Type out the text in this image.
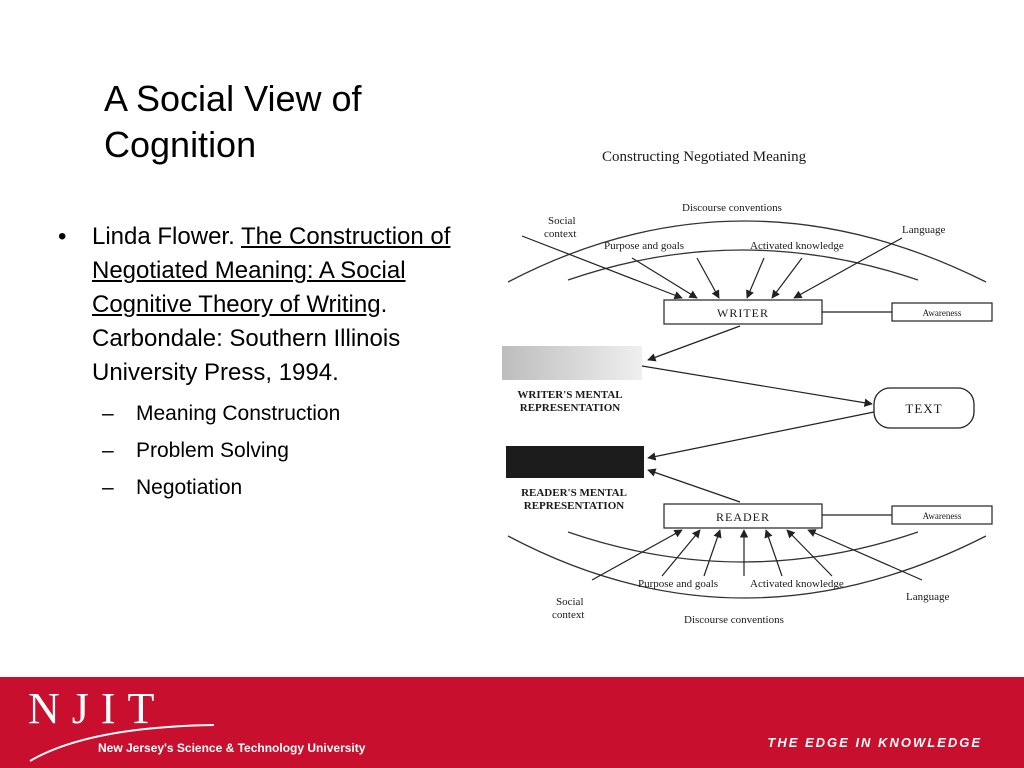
A Social View of Cognition
•	Linda Flower. The Construction of Negotiated Meaning: A Social Cognitive Theory of Writing. Carbondale: Southern Illinois University Press, 1994.
–	Meaning Construction
–	Problem Solving
–	Negotiation
Constructing Negotiated Meaning
Discourse conventions
Social
context
Purpose and goals	Activated knowledge
Language
WRITER	Awareness
WRITER'S MENTAL
REPRESENTATION	TEXT
READER'S MENTAL
REPRESENTATION
READER	Awareness
Purpose and goals	Activated knowledge
Social
context
Language
Discourse conventions
NJIT
New Jersey's Science & Technology University	THE EDGE IN KNOWLEDGE
